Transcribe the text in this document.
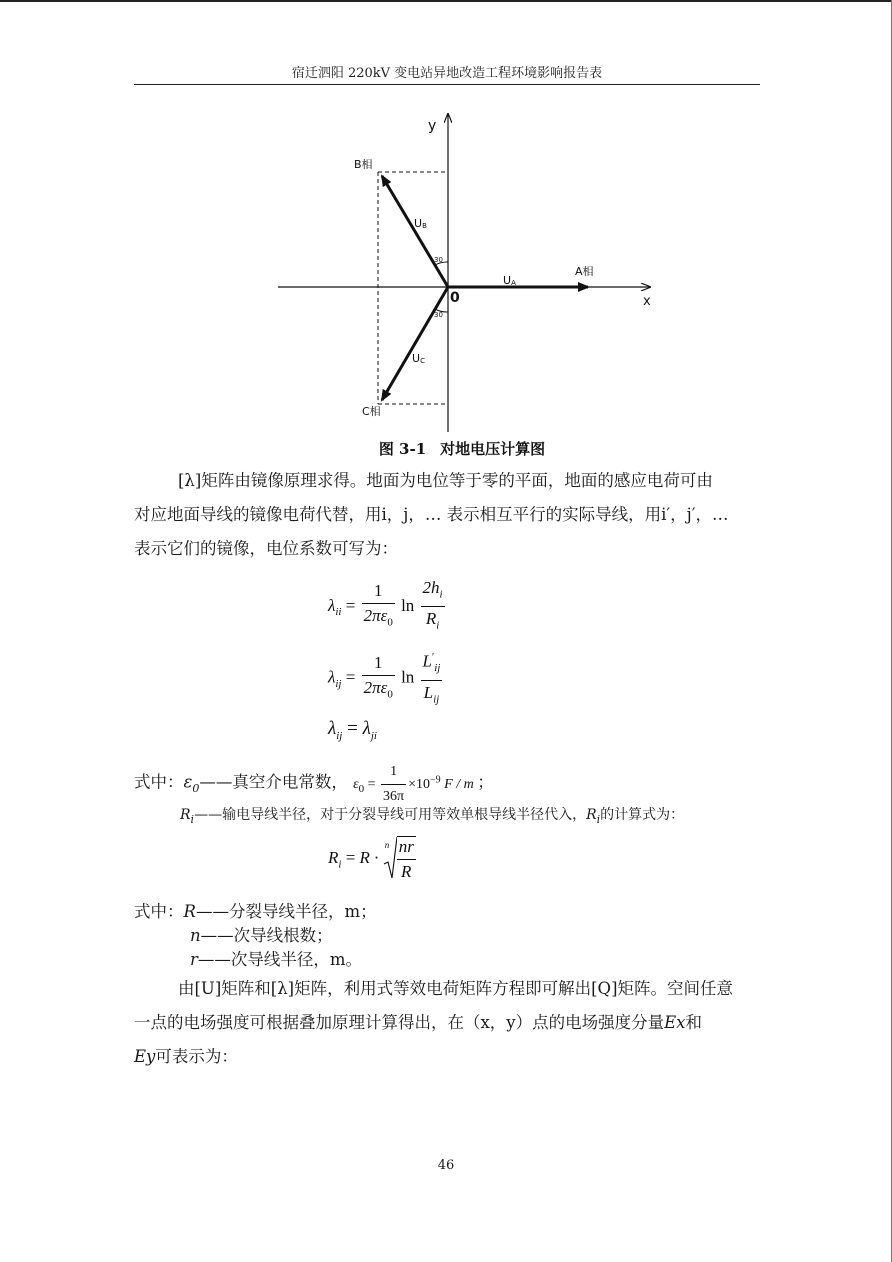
宿迁泗阳 220kV 变电站异地改造工程环境影响报告表
y
x
0
B相
A相
C相
UA
UB
UC
30
30
图 3-1 对地电压计算图
[λ]矩阵由镜像原理求得。地面为电位等于零的平面，地面的感应电荷可由
对应地面导线的镜像电荷代替，用i，j，… 表示相互平行的实际导线，用i′，j′，…
表示它们的镜像，电位系数可写为：
$\lambda_{ii} = \frac{1}{2\pi\varepsilon_0}$ $\ln \frac{2h_i}{R_i}$
$\lambda_{ij} = \frac{1}{2\pi\varepsilon_0}$ $\ln \frac{L'_{ij}}{L_{ij}}$
$\lambda_{ij} = \lambda_{ji}$
式中：$\varepsilon_0——$真空介电常数， $\varepsilon_0 = \frac{1}{36\pi} \times 10^{-9}$ F / m ；
$R_i——$输电导线半径，对于分裂导线可用等效单根导线半径代入，$R_i$的计算式为：
$R_i = R$ ·
n $\frac{nr}{R}$
式中：R——分裂导线半径，m；
n——次导线根数；
r——次导线半径，m。
由[U]矩阵和[λ]矩阵，利用式等效电荷矩阵方程即可解出[Q]矩阵。空间任意
一点的电场强度可根据叠加原理计算得出，在（x，y）点的电场强度分量Ex和
Ey可表示为：
46
